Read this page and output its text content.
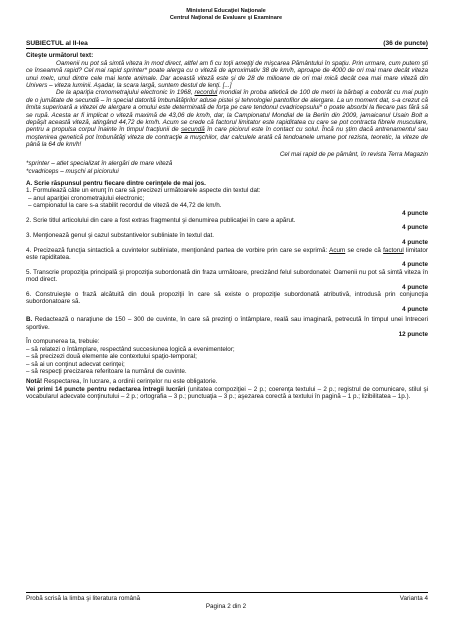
Ministerul Educaţiei Naţionale
Centrul Naţional de Evaluare şi Examinare
SUBIECTUL al II-lea	(36 de puncte)
Citeşte următorul text:
Oamenii nu pot să simtă viteza în mod direct, altfel am fi cu toţii ameţiţi de mişcarea Pământului în spaţiu. Prin urmare, cum putem şti ce înseamnă rapid? Cel mai rapid sprinter* poate alerga cu o viteză de aproximativ 38 de km/h, aproape de 4000 de ori mai mare decât viteza unui melc, unul dintre cele mai lente animale. Dar această viteză este şi de 28 de milioane de ori mai mică decât cea mai mare viteză din Univers – viteza luminii. Aşadar, la scara largă, suntem destul de lenţi. [...]
De la apariţia cronometrajului electronic în 1968, recordul mondial în proba atletică de 100 de metri la bărbaţi a coborât cu mai puţin de o jumătate de secundă – în special datorită îmbunătăţirilor aduse pistei şi tehnologiei pantofilor de alergare. La un moment dat, s-a crezut că limita superioară a vitezei de alergare a omului este determinată de forţa pe care tendonul cvadricepsului* o poate absorbi la flecare pas fără să se rupă. Acesta ar fi implicat o viteză maximă de 43,06 de km/h, dar, la Campionatul Mondial de la Berlin din 2009, jamaicanul Usain Bolt a depăşit această viteză, atingând 44,72 de km/h. Acum se crede că factorul limitator este rapiditatea cu care se pot contracta fibrele musculare, pentru a propulsa corpul înainte în timpul fracţiunii de secundă în care piciorul este în contact cu solul. Încă nu ştim dacă antrenamentul sau moştenirea genetică pot îmbunătăţi viteza de contracţie a muşchilor, dar calculele arată că tendoanele umane pot rezista, teoretic, la viteze de până la 64 de km/h!
Cel mai rapid de pe pământ, în revista Terra Magazin
*sprinter – atlet specializat în alergări de mare viteză
*cvadriceps – muşchi al piciorului
A. Scrie răspunsul pentru fiecare dintre cerinţele de mai jos.
1. Formulează câte un enunţ în care să precizezi următoarele aspecte din textul dat:
– anul apariţiei cronometrajului electronic;
– campionatul la care s-a stabilit recordul de viteză de 44,72 de km/h.
4 puncte
2. Scrie titlul articolului din care a fost extras fragmentul şi denumirea publicaţiei în care a apărut.
4 puncte
3. Menţionează genul şi cazul substantivelor subliniate în textul dat.
4 puncte
4. Precizează funcţia sintactică a cuvintelor subliniate, menţionând partea de vorbire prin care se exprimă: Acum se crede că factorul limitator este rapiditatea.
4 puncte
5. Transcrie propoziţia principală şi propoziţia subordonată din fraza următoare, precizând felul subordonatei: Oamenii nu pot să simtă viteza în mod direct.
4 puncte
6. Construieşte o frază alcătuită din două propoziţii în care să existe o propoziţie subordonată atributivă, introdusă prin conjuncţia subordonatoare să.
4 puncte
B. Redactează o naraţiune de 150 – 300 de cuvinte, în care să prezinţi o întâmplare, reală sau imaginară, petrecută în timpul unei întreceri sportive.
12 puncte
În compunerea ta, trebuie:
– să relatezi o întâmplare, respectând succesiunea logică a evenimentelor;
– să precizezi două elemente ale contextului spaţio-temporal;
– să ai un conţinut adecvat cerinţei;
– să respecţi precizarea referitoare la numărul de cuvinte.
Notă! Respectarea, în lucrare, a ordinii cerinţelor nu este obligatorie.
Vei primi 14 puncte pentru redactarea întregii lucrări (unitatea compoziţiei – 2 p.; coerenţa textului – 2 p.; registrul de comunicare, stilul şi vocabularul adecvate conţinutului – 2 p.; ortografia – 3 p.; punctuaţia – 3 p.; aşezarea corectă a textului în pagină – 1 p.; lizibilitatea – 1p.).
Probă scrisă la limba şi literatura română	Varianta 4
Pagina 2 din 2
